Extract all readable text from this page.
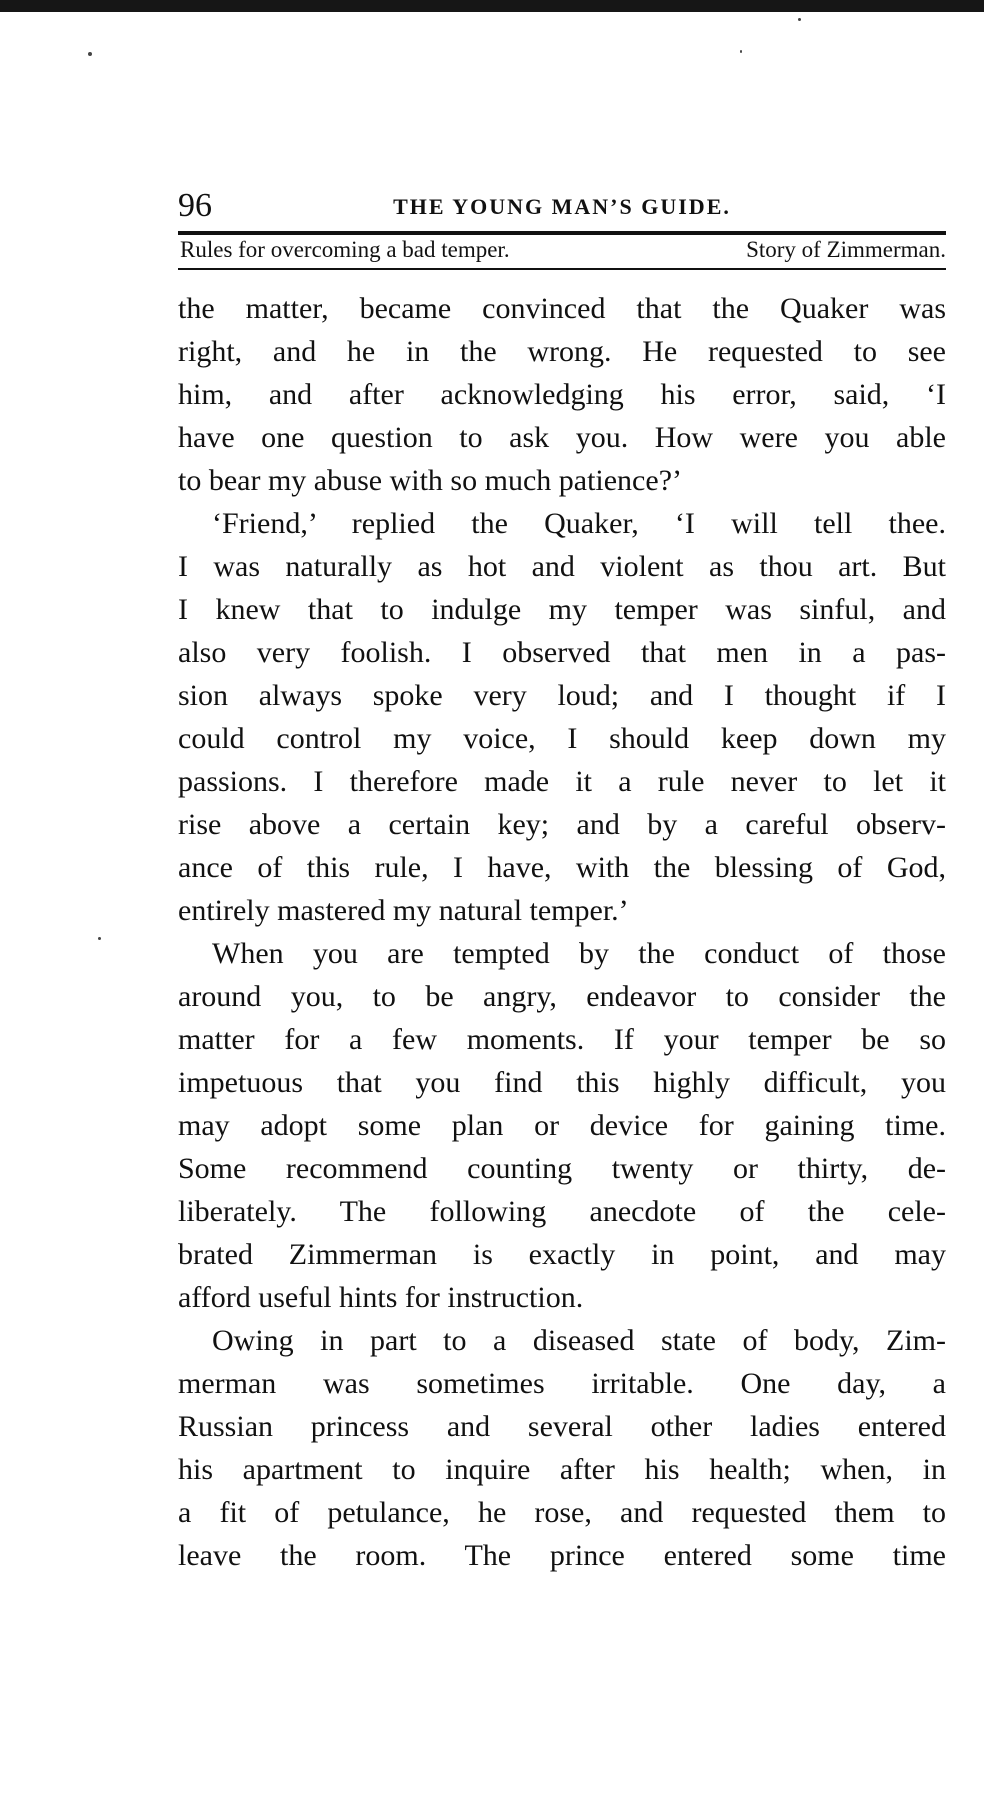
96	THE YOUNG MAN’S GUIDE.
Rules for overcoming a bad temper.	Story of Zimmerman.
the matter, became convinced that the Quaker was
right, and he in the wrong. He requested to see
him, and after acknowledging his error, said, ‘I
have one question to ask you. How were you able
to bear my abuse with so much patience?’
‘Friend,’ replied the Quaker, ‘I will tell thee.
I was naturally as hot and violent as thou art. But
I knew that to indulge my temper was sinful, and
also very foolish. I observed that men in a pas-
sion always spoke very loud; and I thought if I
could control my voice, I should keep down my
passions. I therefore made it a rule never to let it
rise above a certain key; and by a careful observ-
ance of this rule, I have, with the blessing of God,
entirely mastered my natural temper.’
When you are tempted by the conduct of those
around you, to be angry, endeavor to consider the
matter for a few moments. If your temper be so
impetuous that you find this highly difficult, you
may adopt some plan or device for gaining time.
Some recommend counting twenty or thirty, de-
liberately. The following anecdote of the cele-
brated Zimmerman is exactly in point, and may
afford useful hints for instruction.
Owing in part to a diseased state of body, Zim-
merman was sometimes irritable. One day, a
Russian princess and several other ladies entered
his apartment to inquire after his health; when, in
a fit of petulance, he rose, and requested them to
leave the room. The prince entered some time
